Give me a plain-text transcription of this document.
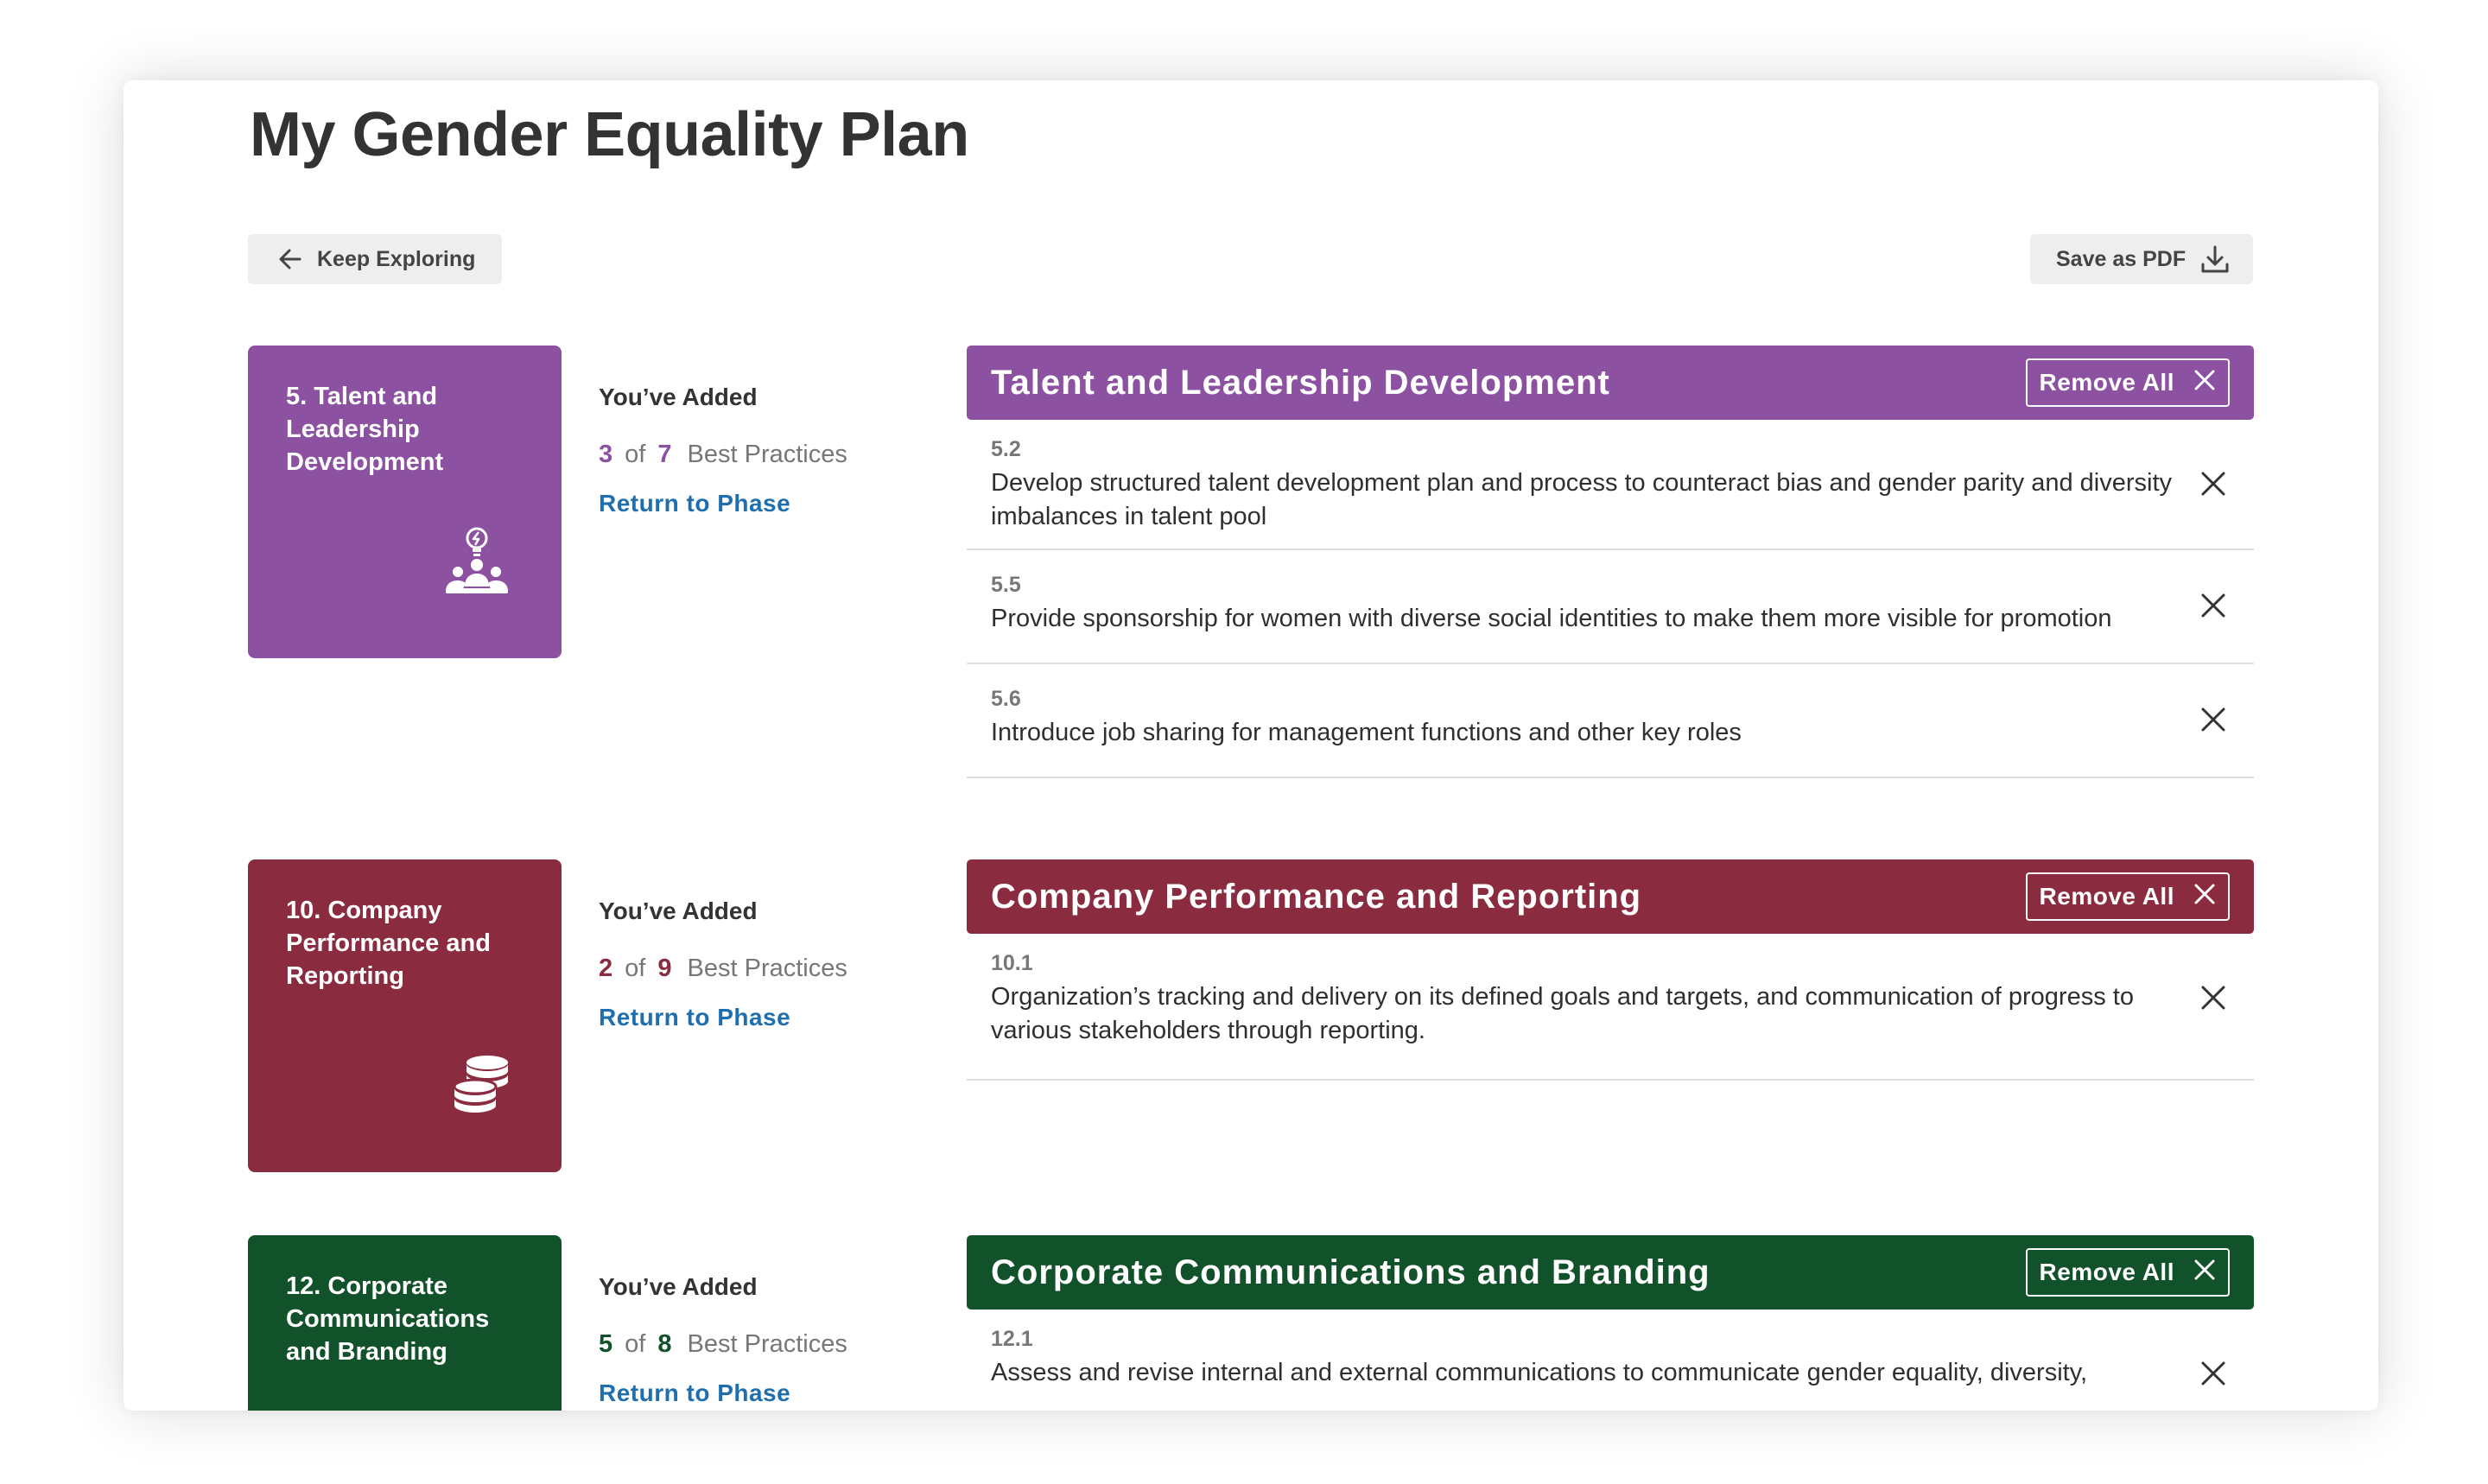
My Gender Equality Plan
Keep Exploring	Save as PDF
5. Talent and Leadership Development
You’ve Added
3 of 7 Best Practices
Return to Phase
Talent and Leadership Development	Remove All
5.2
Develop structured talent development plan and process to counteract bias and gender parity and diversity imbalances in talent pool
5.5
Provide sponsorship for women with diverse social identities to make them more visible for promotion
5.6
Introduce job sharing for management functions and other key roles
10. Company Performance and Reporting
You’ve Added
2 of 9 Best Practices
Return to Phase
Company Performance and Reporting	Remove All
10.1
Organization’s tracking and delivery on its defined goals and targets, and communication of progress to various stakeholders through reporting.
12. Corporate Communications and Branding
You’ve Added
5 of 8 Best Practices
Return to Phase
Corporate Communications and Branding	Remove All
12.1
Assess and revise internal and external communications to communicate gender equality, diversity,
